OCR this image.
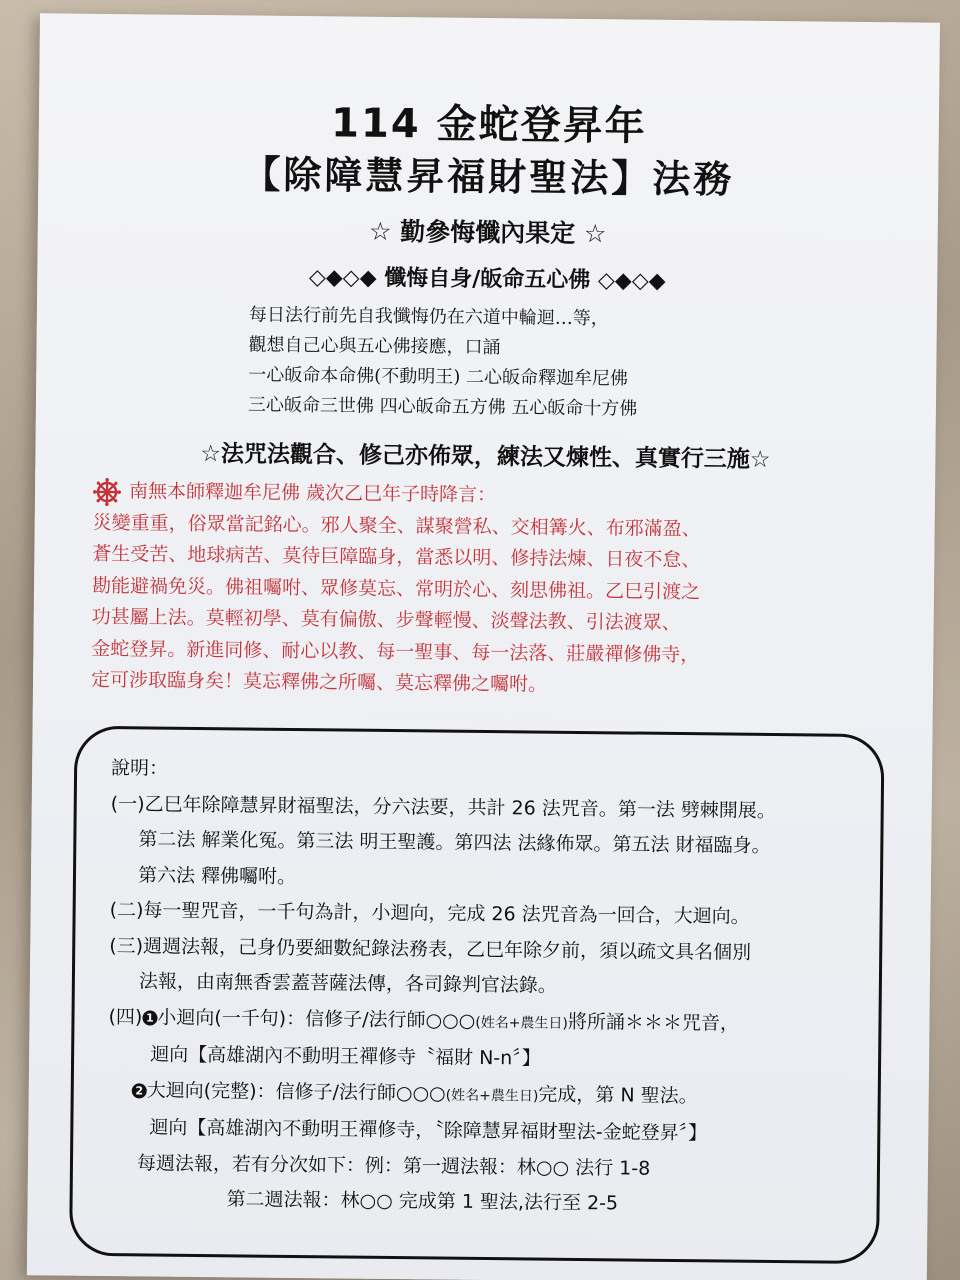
114 金蛇登昇年
【除障慧昇福財聖法】法務
☆ 勤參悔懺內果定 ☆
◇◆◇◆ 懺悔自身/皈命五心佛 ◇◆◇◆
每日法行前先自我懺悔仍在六道中輪迴…等，
觀想自己心與五心佛接應，口誦
一心皈命本命佛(不動明王) 二心皈命釋迦牟尼佛
三心皈命三世佛 四心皈命五方佛 五心皈命十方佛
☆法咒法觀合、修己亦佈眾，練法又煉性、真實行三施☆
南無本師釋迦牟尼佛 歲次乙巳年子時降言：
災變重重，俗眾當記銘心。邪人聚全、謀聚營私、交相篝火、布邪滿盈、
蒼生受苦、地球病苦、莫待巨障臨身，當悉以明、修持法煉、日夜不怠、
勘能避禍免災。佛祖囑咐、眾修莫忘、常明於心、刻思佛祖。乙巳引渡之
功甚屬上法。莫輕初學、莫有偏傲、步聲輕慢、淡聲法教、引法渡眾、
金蛇登昇。新進同修、耐心以教、每一聖事、每一法落、莊嚴禪修佛寺，
定可涉取臨身矣！莫忘釋佛之所囑、莫忘釋佛之囑咐。
說明：
(一)乙巳年除障慧昇財福聖法，分六法要，共計 26 法咒音。第一法 劈棘開展。
第二法 解業化冤。第三法 明王聖護。第四法 法緣佈眾。第五法 財福臨身。
第六法 釋佛囑咐。
(二)每一聖咒音，一千句為計，小迴向，完成 26 法咒音為一回合，大迴向。
(三)週週法報，己身仍要細數紀錄法務表，乙巳年除夕前，須以疏文具名個別
法報，由南無香雲蓋菩薩法傳，各司錄判官法錄。
(四) 1 小迴向(一千句)：信修子/法行師○○○(姓名+農生日)將所誦＊＊＊咒音，
迴向【高雄湖內不動明王禪修寺〝福財 N-n〞】
2 大迴向(完整)：信修子/法行師○○○(姓名+農生日)完成，第 N 聖法。
迴向【高雄湖內不動明王禪修寺，〝除障慧昇福財聖法-金蛇登昇〞】
每週法報，若有分次如下：例：第一週法報：林○○ 法行 1-8
第二週法報：林○○ 完成第 1 聖法,法行至 2-5
